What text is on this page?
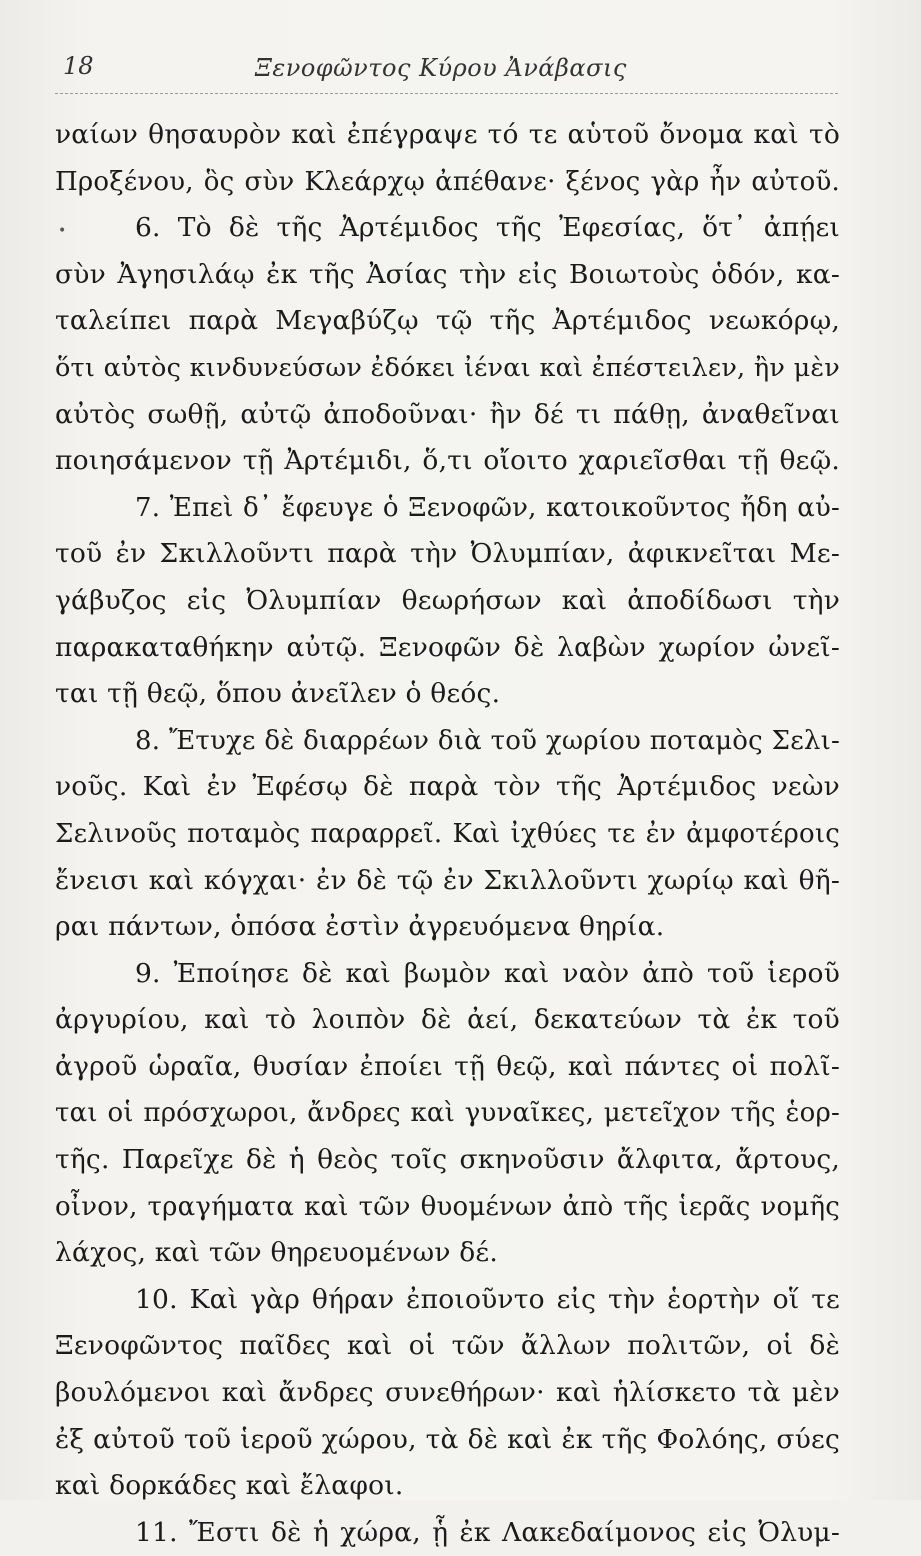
18	Ξενοφῶντος Κύρου Ἀνάβασις
•
ναίων θησαυρὸν καὶ ἐπέγραψε τό τε αὑτοῦ ὄνομα καὶ τὸ
Προξένου, ὃς σὺν Κλεάρχῳ ἀπέθανε· ξένος γὰρ ἦν αὐτοῦ.
6. Τὸ δὲ τῆς Ἀρτέμιδος τῆς Ἐφεσίας, ὅτ᾽ ἀπῄει
σὺν Ἀγησιλάῳ ἐκ τῆς Ἀσίας τὴν εἰς Βοιωτοὺς ὁδόν, κα-
ταλείπει παρὰ Μεγαβύζῳ τῷ τῆς Ἀρτέμιδος νεωκόρῳ,
ὅτι αὐτὸς κινδυνεύσων ἐδόκει ἰέναι καὶ ἐπέστειλεν, ἢν μὲν
αὐτὸς σωθῇ, αὐτῷ ἀποδοῦναι· ἢν δέ τι πάθῃ, ἀναθεῖναι
ποιησάμενον τῇ Ἀρτέμιδι, ὅ,τι οἴοιτο χαριεῖσθαι τῇ θεῷ.
7. Ἐπεὶ δ᾽ ἔφευγε ὁ Ξενοφῶν, κατοικοῦντος ἤδη αὐ-
τοῦ ἐν Σκιλλοῦντι παρὰ τὴν Ὀλυμπίαν, ἀφικνεῖται Με-
γάβυζος εἰς Ὀλυμπίαν θεωρήσων καὶ ἀποδίδωσι τὴν
παρακαταθήκην αὐτῷ. Ξενοφῶν δὲ λαβὼν χωρίον ὠνεῖ-
ται τῇ θεῷ, ὅπου ἀνεῖλεν ὁ θεός.
8. Ἔτυχε δὲ διαρρέων διὰ τοῦ χωρίου ποταμὸς Σελι-
νοῦς. Καὶ ἐν Ἐφέσῳ δὲ παρὰ τὸν τῆς Ἀρτέμιδος νεὼν
Σελινοῦς ποταμὸς παραρρεῖ. Καὶ ἰχθύες τε ἐν ἀμφοτέροις
ἔνεισι καὶ κόγχαι· ἐν δὲ τῷ ἐν Σκιλλοῦντι χωρίῳ καὶ θῆ-
ραι πάντων, ὁπόσα ἐστὶν ἀγρευόμενα θηρία.
9. Ἐποίησε δὲ καὶ βωμὸν καὶ ναὸν ἀπὸ τοῦ ἱεροῦ
ἀργυρίου, καὶ τὸ λοιπὸν δὲ ἀεί, δεκατεύων τὰ ἐκ τοῦ
ἀγροῦ ὡραῖα, θυσίαν ἐποίει τῇ θεῷ, καὶ πάντες οἱ πολῖ-
ται οἱ πρόσχωροι, ἄνδρες καὶ γυναῖκες, μετεῖχον τῆς ἑορ-
τῆς. Παρεῖχε δὲ ἡ θεὸς τοῖς σκηνοῦσιν ἄλφιτα, ἄρτους,
οἶνον, τραγήματα καὶ τῶν θυομένων ἀπὸ τῆς ἱερᾶς νομῆς
λάχος, καὶ τῶν θηρευομένων δέ.
10. Καὶ γὰρ θήραν ἐποιοῦντο εἰς τὴν ἑορτὴν οἵ τε
Ξενοφῶντος παῖδες καὶ οἱ τῶν ἄλλων πολιτῶν, οἱ δὲ
βουλόμενοι καὶ ἄνδρες συνεθήρων· καὶ ἡλίσκετο τὰ μὲν
ἐξ αὐτοῦ τοῦ ἱεροῦ χώρου, τὰ δὲ καὶ ἐκ τῆς Φολόης, σύες
καὶ δορκάδες καὶ ἔλαφοι.
11. Ἔστι δὲ ἡ χώρα, ᾗ ἐκ Λακεδαίμονος εἰς Ὀλυμ-
